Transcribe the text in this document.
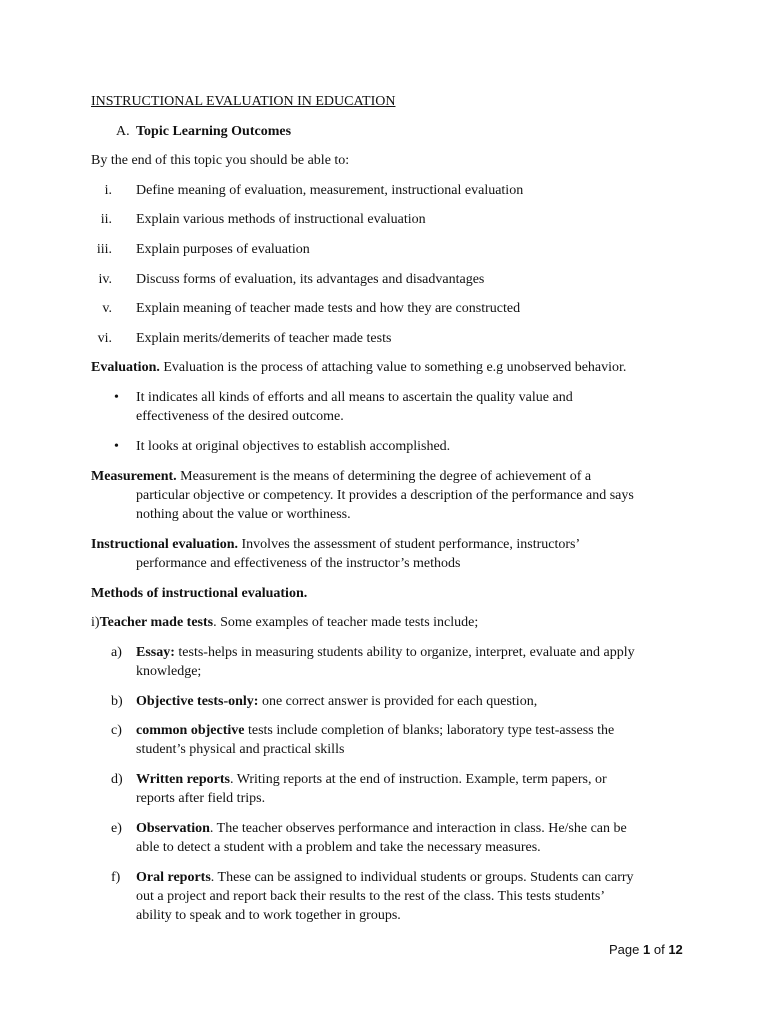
INSTRUCTIONAL EVALUATION IN EDUCATION
A. Topic Learning Outcomes
By the end of this topic you should be able to:
i. Define meaning of evaluation, measurement, instructional evaluation
ii. Explain various methods of instructional evaluation
iii. Explain purposes of evaluation
iv. Discuss forms of evaluation, its advantages and disadvantages
v. Explain meaning of teacher made tests and how they are constructed
vi. Explain merits/demerits of teacher made tests
Evaluation. Evaluation is the process of attaching value to something e.g unobserved behavior.
• It indicates all kinds of efforts and all means to ascertain the quality value and
effectiveness of the desired outcome.
• It looks at original objectives to establish accomplished.
Measurement. Measurement is the means of determining the degree of achievement of a
particular objective or competency. It provides a description of the performance and says
nothing about the value or worthiness.
Instructional evaluation. Involves the assessment of student performance, instructors’
performance and effectiveness of the instructor’s methods
Methods of instructional evaluation.
i)Teacher made tests. Some examples of teacher made tests include;
a) Essay: tests-helps in measuring students ability to organize, interpret, evaluate and apply
knowledge;
b) Objective tests-only: one correct answer is provided for each question,
c) common objective tests include completion of blanks; laboratory type test-assess the
student’s physical and practical skills
d) Written reports. Writing reports at the end of instruction. Example, term papers, or
reports after field trips.
e) Observation. The teacher observes performance and interaction in class. He/she can be
able to detect a student with a problem and take the necessary measures.
f) Oral reports. These can be assigned to individual students or groups. Students can carry
out a project and report back their results to the rest of the class. This tests students’
ability to speak and to work together in groups.
Page 1 of 12
